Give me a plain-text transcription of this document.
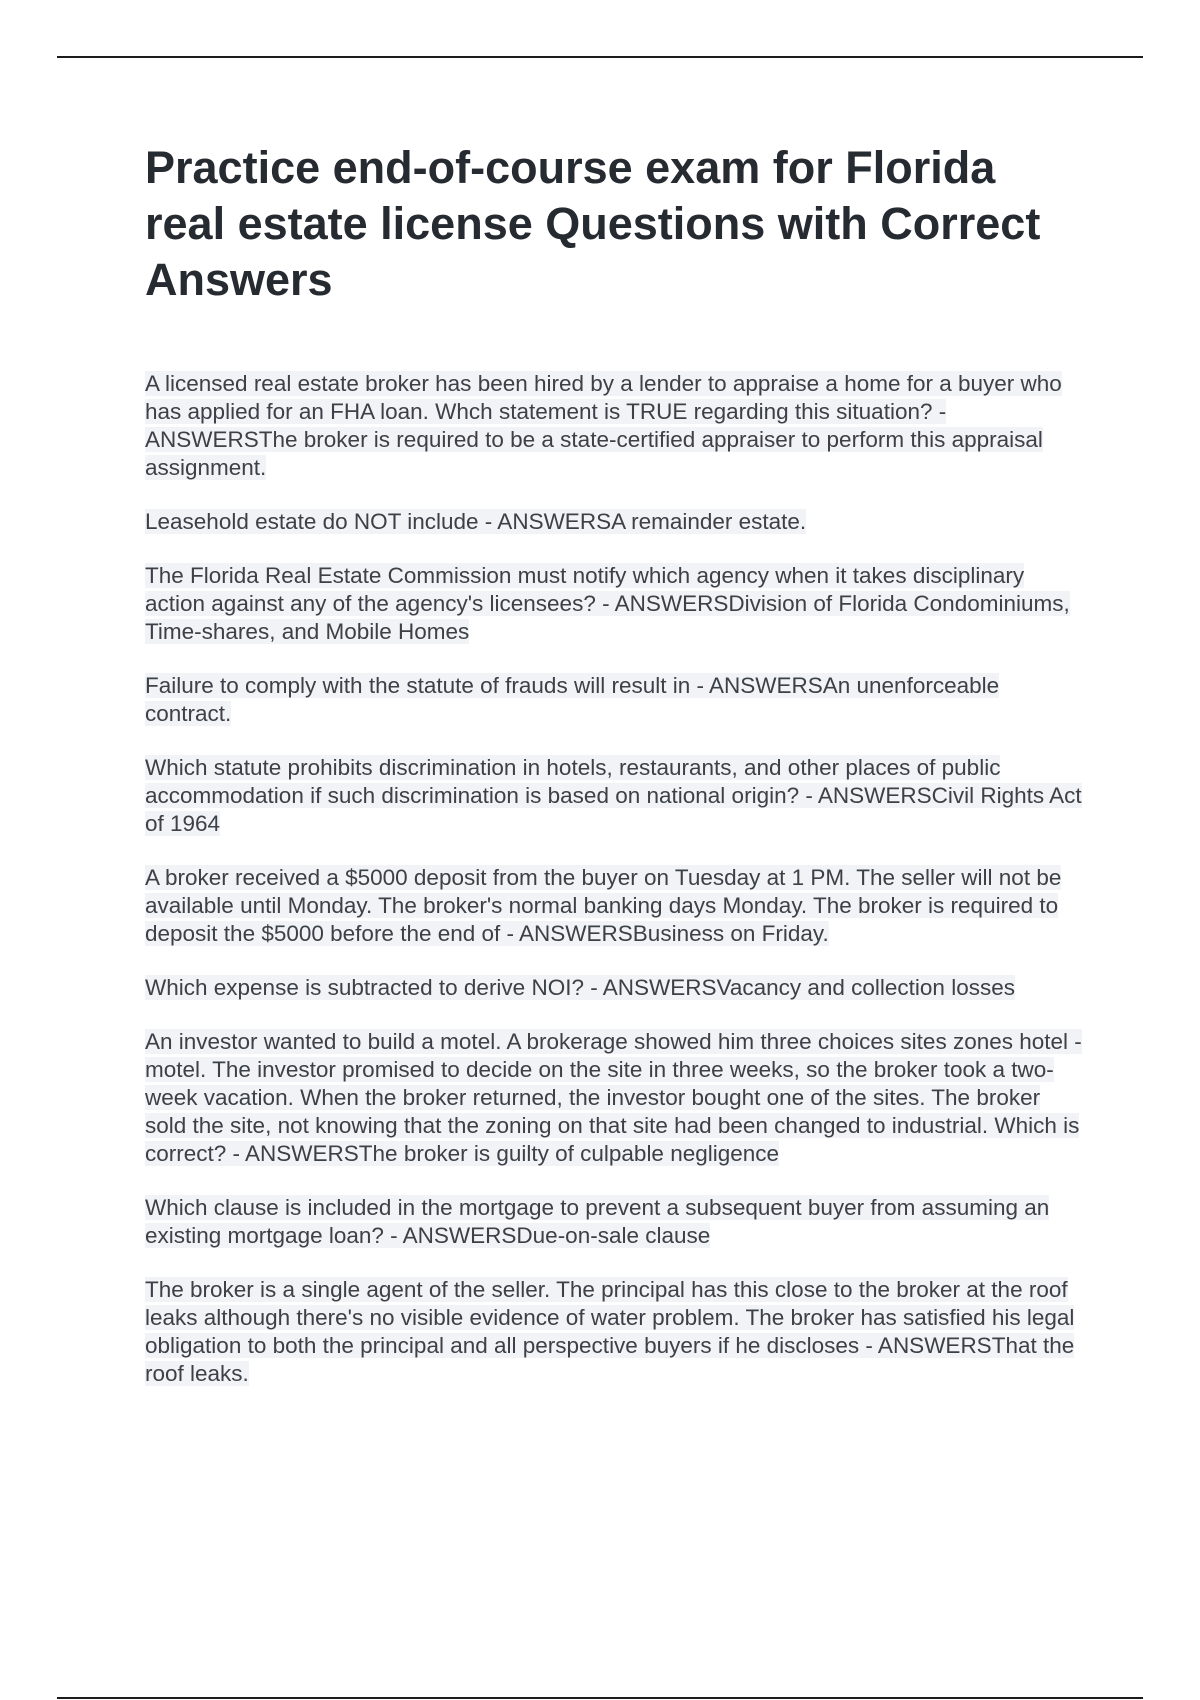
Practice end-of-course exam for Florida real estate license Questions with Correct Answers

A licensed real estate broker has been hired by a lender to appraise a home for a buyer who has applied for an FHA loan. Whch statement is TRUE regarding this situation? - ANSWERSThe broker is required to be a state-certified appraiser to perform this appraisal assignment.

Leasehold estate do NOT include - ANSWERSA remainder estate.

The Florida Real Estate Commission must notify which agency when it takes disciplinary action against any of the agency's licensees? - ANSWERSDivision of Florida Condominiums, Time-shares, and Mobile Homes

Failure to comply with the statute of frauds will result in - ANSWERSAn unenforceable contract.

Which statute prohibits discrimination in hotels, restaurants, and other places of public accommodation if such discrimination is based on national origin? - ANSWERSCivil Rights Act of 1964

A broker received a $5000 deposit from the buyer on Tuesday at 1 PM. The seller will not be available until Monday. The broker's normal banking days Monday. The broker is required to deposit the $5000 before the end of - ANSWERSBusiness on Friday.

Which expense is subtracted to derive NOI? - ANSWERSVacancy and collection losses

An investor wanted to build a motel. A brokerage showed him three choices sites zones hotel -motel. The investor promised to decide on the site in three weeks, so the broker took a two-week vacation. When the broker returned, the investor bought one of the sites. The broker sold the site, not knowing that the zoning on that site had been changed to industrial. Which is correct? - ANSWERSThe broker is guilty of culpable negligence

Which clause is included in the mortgage to prevent a subsequent buyer from assuming an existing mortgage loan? - ANSWERSDue-on-sale clause

The broker is a single agent of the seller. The principal has this close to the broker at the roof leaks although there's no visible evidence of water problem. The broker has satisfied his legal obligation to both the principal and all perspective buyers if he discloses - ANSWERSThat the roof leaks.
